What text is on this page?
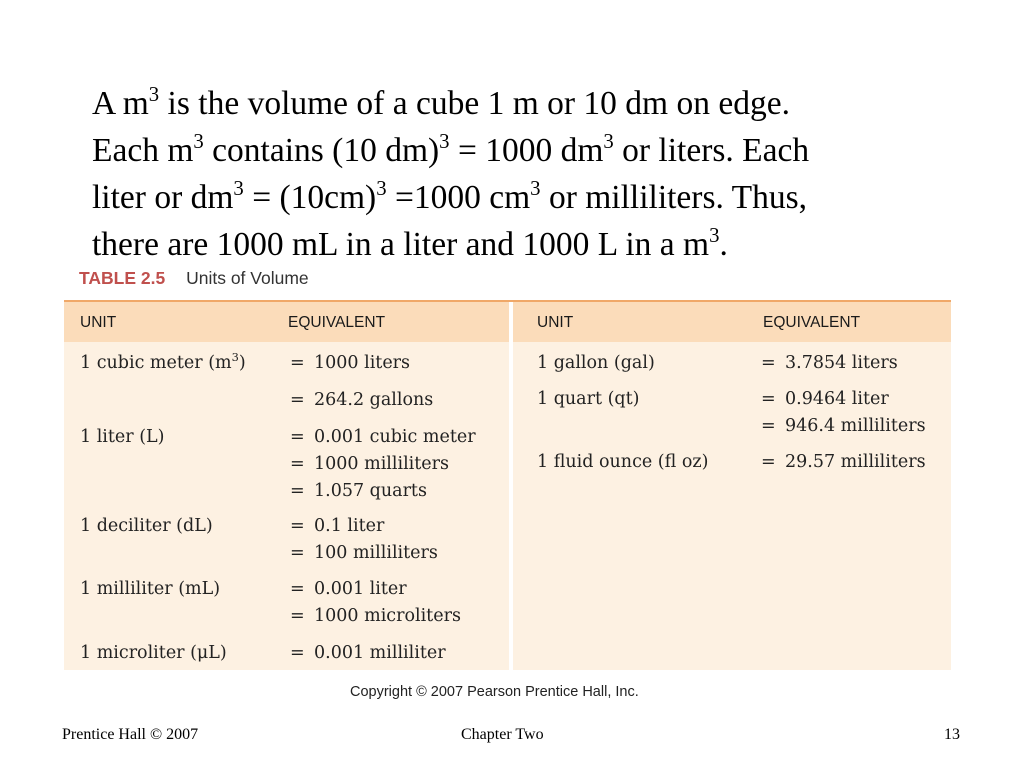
A $m^3$ is the volume of a cube 1 m or 10 dm on edge.
Each $m^3$ contains (10 dm)$^3$ = 1000 $dm^3$ or liters. Each
liter or $dm^3 = (10cm)^3 =1000$ $cm^3$ or milliliters. Thus,
there are 1000 mL in a liter and 1000 L in a $m^3$.
TABLE 2.5 Units of Volume
UNIT	EQUIVALENT
1 cubic meter $(m^3)$	= 1000 liters
= 264.2 gallons
1 liter (L)	= 0.001 cubic meter
= 1000 milliliters
= 1.057 quarts
1 deciliter (dL)	= 0.1 liter
= 100 milliliters
1 milliliter (mL)	= 0.001 liter
= 1000 microliters
1 microliter (μL)	= 0.001 milliliter
UNIT	EQUIVALENT
1 gallon (gal)	= 3.7854 liters
1 quart (qt)	= 0.9464 liter
= 946.4 milliliters
1 fluid ounce (fl oz)	= 29.57 milliliters

Copyright © 2007 Pearson Prentice Hall, Inc.

Prentice Hall © 2007	Chapter Two	13
